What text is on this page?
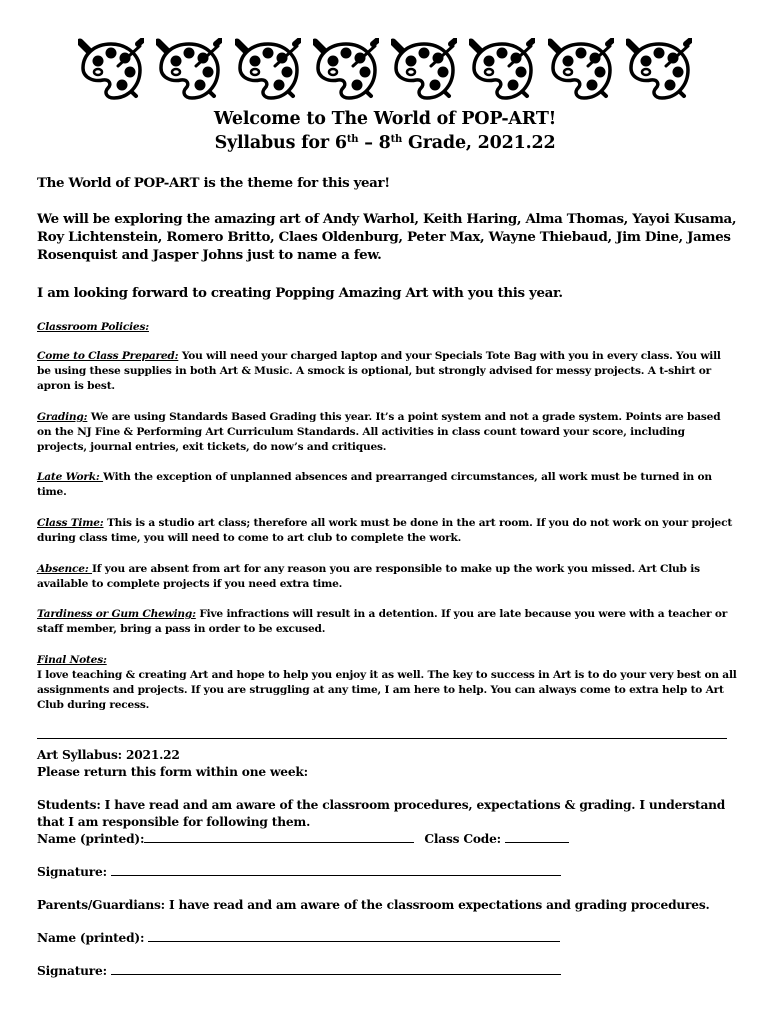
Welcome to The World of POP-ART!
Syllabus for 6th – 8th Grade, 2021.22
The World of POP-ART is the theme for this year!
We will be exploring the amazing art of Andy Warhol, Keith Haring, Alma Thomas, Yayoi Kusama, Roy Lichtenstein, Romero Britto, Claes Oldenburg, Peter Max, Wayne Thiebaud, Jim Dine, James Rosenquist and Jasper Johns just to name a few.
I am looking forward to creating Popping Amazing Art with you this year.
Classroom Policies:
Come to Class Prepared: You will need your charged laptop and your Specials Tote Bag with you in every class. You will be using these supplies in both Art & Music. A smock is optional, but strongly advised for messy projects. A t-shirt or apron is best.
Grading: We are using Standards Based Grading this year. It’s a point system and not a grade system. Points are based on the NJ Fine & Performing Art Curriculum Standards. All activities in class count toward your score, including projects, journal entries, exit tickets, do now’s and critiques.
Late Work: With the exception of unplanned absences and prearranged circumstances, all work must be turned in on time.
Class Time: This is a studio art class; therefore all work must be done in the art room. If you do not work on your project during class time, you will need to come to art club to complete the work.
Absence: If you are absent from art for any reason you are responsible to make up the work you missed. Art Club is available to complete projects if you need extra time.
Tardiness or Gum Chewing: Five infractions will result in a detention. If you are late because you were with a teacher or staff member, bring a pass in order to be excused.
Final Notes:
I love teaching & creating Art and hope to help you enjoy it as well. The key to success in Art is to do your very best on all assignments and projects. If you are struggling at any time, I am here to help. You can always come to extra help to Art Club during recess.
Art Syllabus: 2021.22
Please return this form within one week:
Students: I have read and am aware of the classroom procedures, expectations & grading. I understand that I am responsible for following them.
Name (printed):	Class Code:
Signature:
Parents/Guardians: I have read and am aware of the classroom expectations and grading procedures.
Name (printed):
Signature:
